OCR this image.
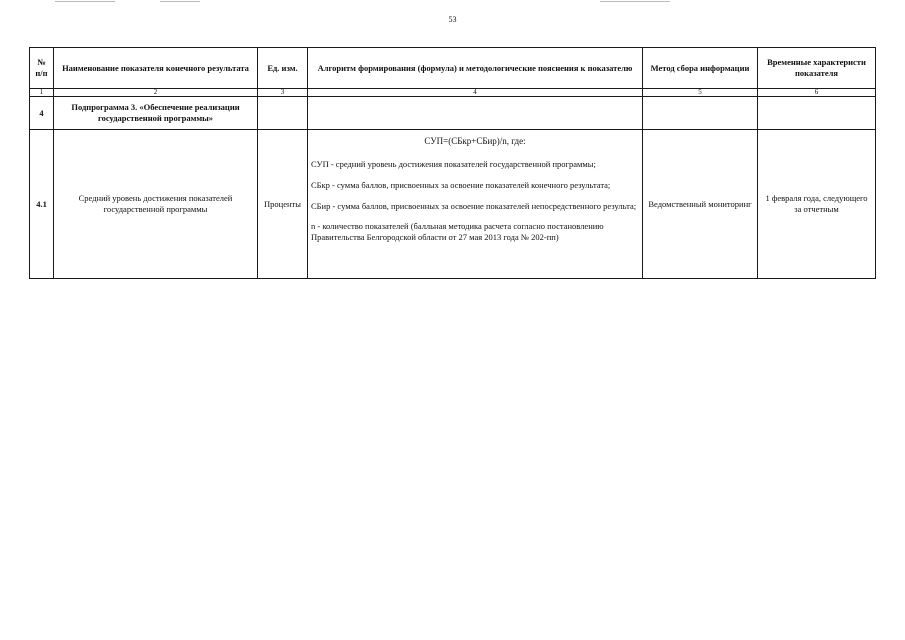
53
№ п/п	Наименование показателя конечного результата	Ед. изм.	Алгоритм формирования (формула) и методологические пояснения к показателю	Метод сбора информации	Временные характеристи показателя
1	2	3	4	5	6
4	Подпрограмма 3. «Обеспечение реализации государственной программы»				
4.1	Средний уровень достижения показателей государственной программы	Проценты	СУП=(СБкр+СБир)/n, где:

СУП - средний уровень достижения показателей государственной программы;

СБкр - сумма баллов, присвоенных за освоение показателей конечного результата;

СБир - сумма баллов, присвоенных за освоение показателей непосредственного результа;

n - количество показателей (балльная методика расчета согласно постановлению Правительства Белгородской области от 27 мая 2013 года № 202-пп)	Ведомственный мониторинг	1 февраля года, следующего за отчетным
